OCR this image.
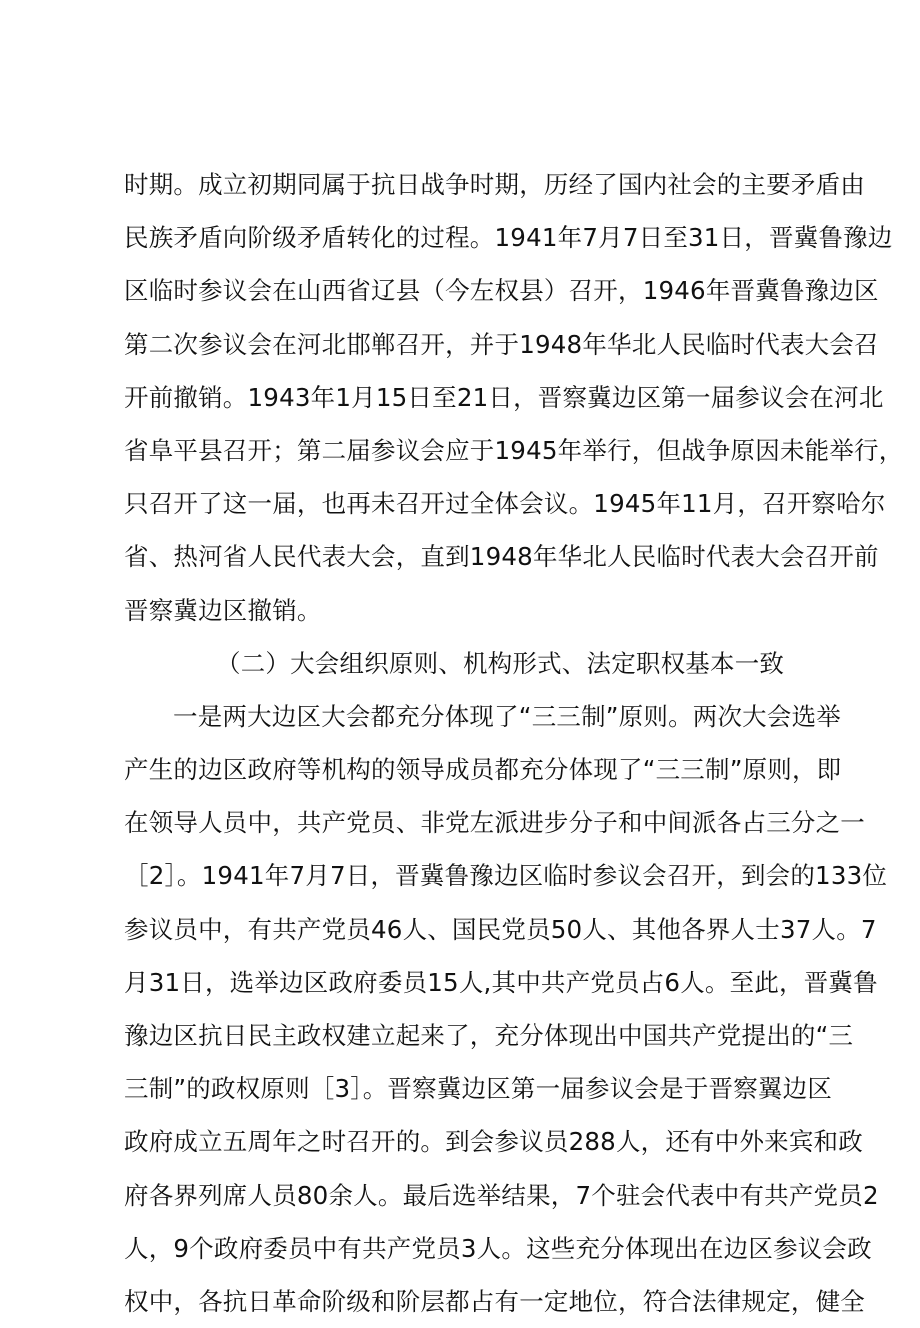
时期。成立初期同属于抗日战争时期，历经了国内社会的主要矛盾由
民族矛盾向阶级矛盾转化的过程。1941年7月7日至31日，晋冀鲁豫边
区临时参议会在山西省辽县（今左权县）召开，1946年晋冀鲁豫边区
第二次参议会在河北邯郸召开，并于1948年华北人民临时代表大会召
开前撤销。1943年1月15日至21日，晋察冀边区第一届参议会在河北
省阜平县召开；第二届参议会应于1945年举行，但战争原因未能举行，
只召开了这一届，也再未召开过全体会议。1945年11月，召开察哈尔
省、热河省人民代表大会，直到1948年华北人民临时代表大会召开前
晋察冀边区撤销。
（二）大会组织原则、机构形式、法定职权基本一致
一是两大边区大会都充分体现了“三三制”原则。两次大会选举
产生的边区政府等机构的领导成员都充分体现了“三三制”原则，即
在领导人员中，共产党员、非党左派进步分子和中间派各占三分之一
［2］。1941年7月7日，晋冀鲁豫边区临时参议会召开，到会的133位
参议员中，有共产党员46人、国民党员50人、其他各界人士37人。7
月31日，选举边区政府委员15人,其中共产党员占6人。至此，晋冀鲁
豫边区抗日民主政权建立起来了，充分体现出中国共产党提出的“三
三制”的政权原则［3］。晋察冀边区第一届参议会是于晋察翼边区
政府成立五周年之时召开的。到会参议员288人，还有中外来宾和政
府各界列席人员80余人。最后选举结果，7个驻会代表中有共产党员2
人，9个政府委员中有共产党员3人。这些充分体现出在边区参议会政
权中，各抗日革命阶级和阶层都占有一定地位，符合法律规定，健全
